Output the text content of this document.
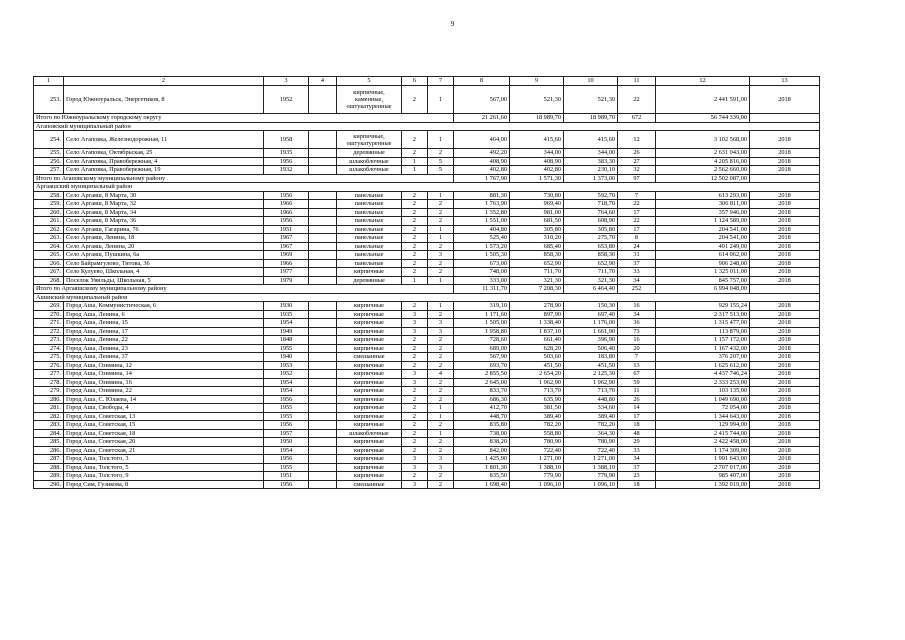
9
1	2	3	4	5	6	7	8	9	10	11	12	13
253.	Город Южноуральск, Энергетиков, 8	1952		кирпичные, каменные, оштукатуренные	2	1	567,00	521,30	521,30	22	2 441 591,00	2018
Итого по Южноуральскому городскому округу							21 261,60	18 989,70	18 989,70	672	56 744 339,00	
Агаповский муниципальный район												
254.	Село Агаповка, Железнодорожная, 11	1958		кирпичные, оштукатуренные	2	1	464,00	415,60	415,60	12	3 102 568,00	2018
255.	Село Агаповка, Октябрьская, 25	1935		деревянные	2	2	492,20	344,00	344,00	26	2 631 043,00	2018
256.	Село Агаповка, Правобережная, 4	1956		шлакоблочные	1	5	408,90	408,90	383,30	27	4 205 816,00	2018
257.	Село Агаповка, Правобережная, 19	1932		шлакоблочные	1	5	402,80	402,80	230,10	32	2 562 660,00	2018
Итого по Агаповскому муниципальному району							1 767,90	1 571,30	1 373,00	97	12 502 087,00	
Аргаяшский муниципальный район												
258.	Село Аргаяш, 8 Марта, 30	1956		панельные	2	1	881,30	730,80	592,70	7	613 293,00	2018
259.	Село Аргаяш, 8 Марта, 32	1966		панельные	2	2	1 763,90	969,40	718,70	22	306 811,00	2018
260.	Село Аргаяш, 8 Марта, 34	1966		панельные	2	2	1 352,80	981,00	764,60	17	357 946,00	2018
261.	Село Аргаяш, 8 Марта, 36	1956		панельные	2	2	1 551,00	681,50	608,90	22	1 124 589,00	2018
262.	Село Аргаяш, Гагарина, 76	1951		панельные	2	1	404,80	305,80	305,80	17	204 541,00	2018
263.	Село Аргаяш, Ленина, 18	1967		панельные	2	1	525,40	310,20	275,70	8	204 541,00	2018
264.	Село Аргаяш, Ленина, 20	1967		панельные	2	2	1 573,20	685,40	653,80	24	491 249,00	2018
265.	Село Аргаяш, Пушкина, 6а	1969		панельные	2	3	1 505,30	858,30	858,30	31	614 062,00	2018
266.	Село Байрамгулово, Титова, 36	1966		панельные	2	2	673,00	652,90	652,90	37	906 248,00	2018
267.	Село Кулуево, Школьная, 4	1977		кирпичные	2	2	748,00	711,70	711,70	33	1 325 011,00	2018
268.	Поселок Увильды, Школьная, 5	1979		деревянные	1	1	333,00	321,30	321,30	34	845 757,00	2018
Итого по Аргаяшскому муниципальному району							11 311,70	7 208,30	6 464,40	252	6 994 048,00	
Ашинский муниципальный район												
269.	Город Аша, Коммунистическая, 6	1930		кирпичные	2	1	319,10	278,90	150,30	16	929 155,24	2018
270.	Город Аша, Ленина, 6	1935		кирпичные	3	2	1 171,60	897,90	697,40	34	2 317 513,00	2018
271.	Город Аша, Ленина, 15	1954		кирпичные	3	3	1 505,00	1 338,40	1 176,00	36	1 315 477,00	2018
272.	Город Аша, Ленина, 17	1949		кирпичные	3	3	1 958,80	1 837,10	1 661,90	73	113 879,00	2018
273.	Город Аша, Ленина, 22	1848		кирпичные	2	2	728,60	661,40	396,90	16	1 157 172,00	2018
274.	Город Аша, Ленина, 23	1955		кирпичные	2	2	689,00	628,20	506,40	20	1 167 432,00	2018
275.	Город Аша, Ленина, 37	1940		смешанные	2	2	567,90	503,60	183,80	7	376 207,00	2018
276.	Город Аша, Озимина, 12	1953		кирпичные	2	2	693,70	451,50	451,50	13	1 625 612,00	2018
277.	Город Аша, Озимина, 14	1952		кирпичные	3	4	2 855,50	2 654,20	2 125,30	67	4 437 746,24	2018
278.	Город Аша, Озимина, 16	1954		кирпичные	3	2	2 645,00	1 962,90	1 962,90	59	2 333 253,00	2018
279.	Город Аша, Озимина, 22	1954		кирпичные	2	2	833,70	713,70	713,70	11	103 135,00	2018
280.	Город Аша, С. Юлаева, 14	1956		кирпичные	2	2	686,30	635,90	448,80	26	1 049 690,00	2018
281.	Город Аша, Свободы, 4	1955		кирпичные	2	1	412,70	381,50	334,60	14	72 054,00	2018
282.	Город Аша, Советская, 13	1955		кирпичные	2	1	448,70	389,40	389,40	17	1 344 643,00	2018
283.	Город Аша, Советская, 15	1956		кирпичные	2	2	835,80	782,20	782,20	18	129 994,00	2018
284.	Город Аша, Советская, 18	1957		шлакоблочные	2	1	738,00	558,80	364,30	48	2 415 744,00	2018
285.	Город Аша, Советская, 20	1950		кирпичные	2	2	838,20	780,90	780,90	29	2 422 458,00	2018
286.	Город Аша, Советская, 21	1954		кирпичные	2	2	842,00	722,40	722,40	33	1 174 309,00	2018
287.	Город Аша, Толстого, 3	1956		кирпичные	3	3	1 425,90	1 271,00	1 271,00	34	1 991 643,00	2018
288.	Город Аша, Толстого, 5	1955		кирпичные	3	3	1 801,30	1 388,10	1 388,10	37	2 707 017,00	2018
289.	Город Аша, Толстого, 9	1951		кирпичные	2	2	835,50	779,90	779,90	23	985 407,00	2018
290.	Город Сим, Гузикова, 8	1956		смешанные	3	2	1 698,40	1 096,10	1 096,10	18	1 392 019,00	2018
